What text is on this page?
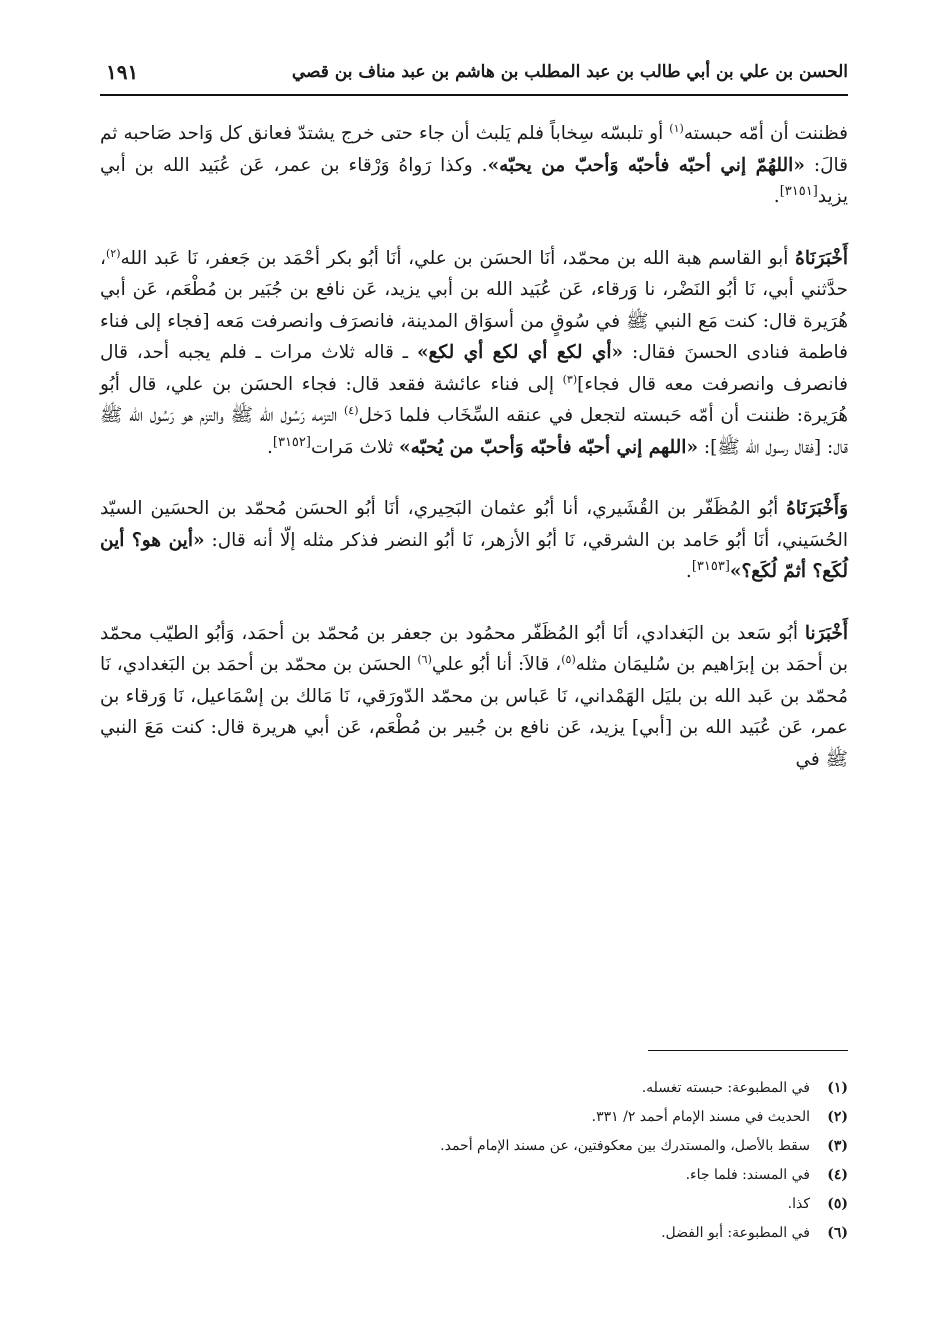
الحسن بن علي بن أبي طالب بن عبد المطلب بن هاشم بن عبد مناف بن قصي
١٩١

فظننت أن أمّه حبسته$^{(١)}$ أو تلبسّه سِخاباً فلم يَلبث أن جاء حتى خرج يشتدّ فعانق كل وَاحد صَاحبه ثم قالَ: «اللهُمّ إني أحبّه فأحبّه وَأحبّ من يحبّه». وكذا رَواهُ وَرْقاء بن عمر، عَن عُبَيد الله بن أبي يزيد[٣١٥١].

أَخْبَرَنَاهُ أبو القاسم هبة الله بن محمّد، أنَا الحسَن بن علي، أنَا أبُو بكر أحْمَد بن جَعفر، نَا عَبد الله$^{(٢)}$، حدَّثني أبي، نَا أبُو النَضْر، نا وَرقاء، عَن عُبَيد الله بن أبي يزيد، عَن نافع بن جُبَير بن مُطْعَم، عَن أبي هُرَيرة قال: كنت مَع النبي ﷺ في سُوقٍ من أسوَاق المدينة، فانصرَف وانصرفت مَعه [فجاء إلى فناء فاطمة فنادى الحسنَ فقال: «أي لكع أي لكع أي لكع» ـ قاله ثلاث مرات ـ فلم يجبه أحد، قال فانصرف وانصرفت معه قال فجاء]$^{(٣)}$ إلى فناء عائشة فقعد قال: فجاء الحسَن بن علي، قال أبُو هُرَيرة: ظننت أن أمّه حَبسته لتجعل في عنقه السِّخَاب فلما دَخل$^{(٤)}$ التزمه رَسُول الله ﷺ والتزم هو رَسُول الله ﷺ قال: [فقال رسول الله ﷺ]: «اللهم إني أحبّه فأحبّه وَأحبّ من يُحبّه» ثلاث مَرات[٣١٥٢].

وَأَخْبَرَنَاهُ أبُو المُظَفّر بن القُشَيري، أنا أبُو عثمان البَحِيري، أنَا أبُو الحسَن مُحمّد بن الحسَين السيّد الحُسَيني، أنَا أبُو حَامد بن الشرقي، نَا أبُو الأزهر، نَا أبُو النضر فذكر مثله إلّا أنه قال: «أين هو؟ أين لُكَع؟ أثمّ لُكَع؟»[٣١٥٣].

أَخْبَرَنا أبُو سَعد بن البَغدادي، أنَا أبُو المُظَفّر محمُود بن جعفر بن مُحمّد بن أحمَد، وَأبُو الطيّب محمّد بن أحمَد بن إبرَاهيم بن سُليمَان مثله$^{(٥)}$، قالاَ: أنا أبُو علي$^{(٦)}$ الحسَن بن محمّد بن أحمَد بن البَغدادي، نَا مُحمّد بن عَبد الله بن بليَل الهَمْداني، نَا عَباس بن محمّد الدّورَقي، نَا مَالك بن إسْمَاعيل، نَا وَرقاء بن عمر، عَن عُبَيد الله بن [أبي] يزيد، عَن نافع بن جُبير بن مُطْعَم، عَن أبي هريرة قال: كنت مَعَ النبي ﷺ في

(١)في المطبوعة: حبسته تغسله.
(٢)الحديث في مسند الإمام أحمد ٢/ ٣٣١.
(٣)سقط بالأصل، والمستدرك بين معكوفتين، عن مسند الإمام أحمد.
(٤)في المسند: فلما جاء.
(٥)كذا.
(٦)في المطبوعة: أبو الفضل.
